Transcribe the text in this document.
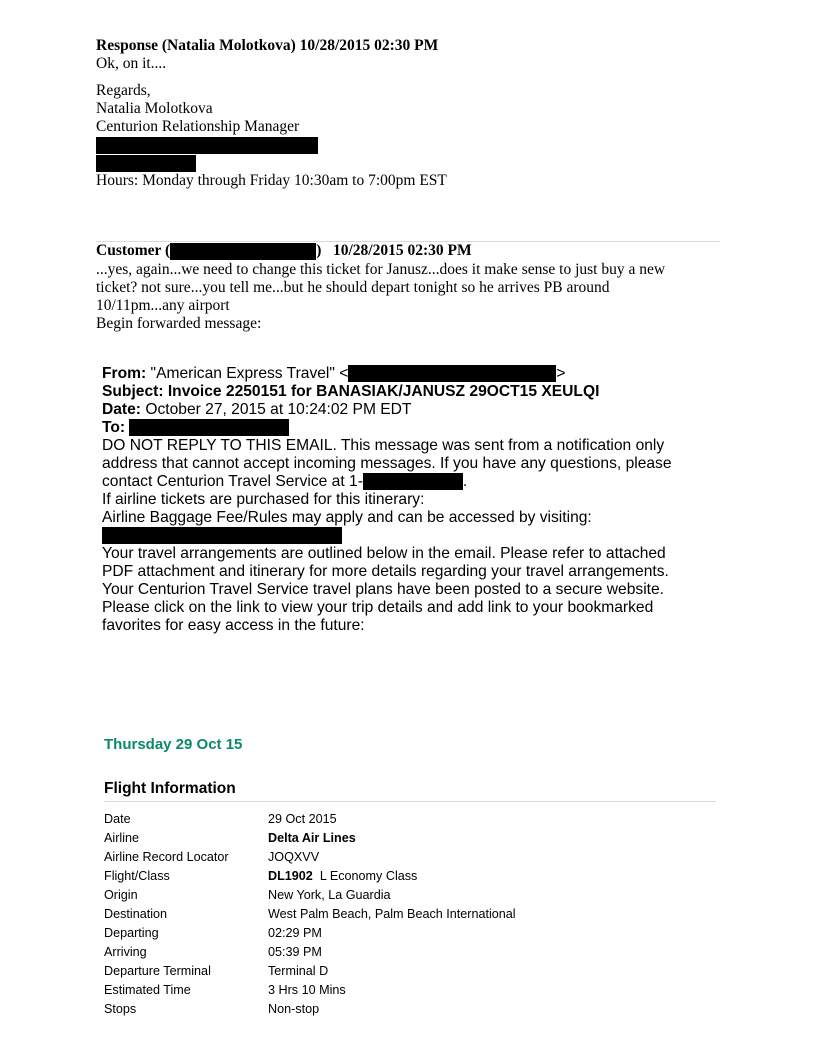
Response (Natalia Molotkova) 10/28/2015 02:30 PM
Ok, on it....
Regards,
Natalia Molotkova
Centurion Relationship Manager
Hours: Monday through Friday 10:30am to 7:00pm EST
Customer (	) 10/28/2015 02:30 PM
...yes, again...we need to change this ticket for Janusz...does it make sense to just buy a new
ticket? not sure...you tell me...but he should depart tonight so he arrives PB around
10/11pm...any airport
Begin forwarded message:
From: "American Express Travel" <	>
Subject: Invoice 2250151 for BANASIAK/JANUSZ 29OCT15 XEULQI
Date: October 27, 2015 at 10:24:02 PM EDT
To:
DO NOT REPLY TO THIS EMAIL. This message was sent from a notification only
address that cannot accept incoming messages. If you have any questions, please
contact Centurion Travel Service at 1-	.
If airline tickets are purchased for this itinerary:
Airline Baggage Fee/Rules may apply and can be accessed by visiting:
Your travel arrangements are outlined below in the email. Please refer to attached
PDF attachment and itinerary for more details regarding your travel arrangements.
Your Centurion Travel Service travel plans have been posted to a secure website.
Please click on the link to view your trip details and add link to your bookmarked
favorites for easy access in the future:
Thursday 29 Oct 15
Flight Information
Date	29 Oct 2015
Airline	Delta Air Lines
Airline Record Locator	JOQXVV
Flight/Class	DL1902 L Economy Class
Origin	New York, La Guardia
Destination	West Palm Beach, Palm Beach International
Departing	02:29 PM
Arriving	05:39 PM
Departure Terminal	Terminal D
Estimated Time	3 Hrs 10 Mins
Stops	Non-stop
